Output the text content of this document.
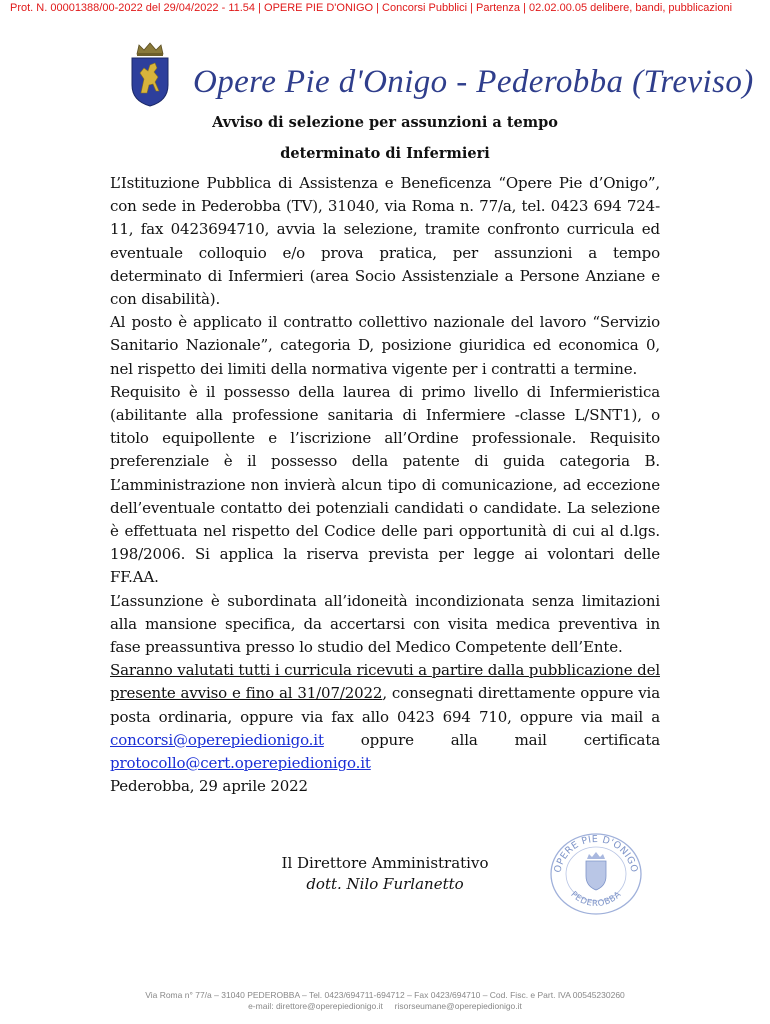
Prot. N. 00001388/00-2022 del 29/04/2022 - 11.54 | OPERE PIE D'ONIGO | Concorsi Pubblici | Partenza | 02.02.00.05 delibere, bandi, pubblicazioni
Opere Pie d'Onigo - Pederobba (Treviso)
Avviso di selezione per assunzioni a tempo
determinato di Infermieri

L’Istituzione Pubblica di Assistenza e Beneficenza “Opere Pie d’Onigo”, con sede in Pederobba (TV), 31040, via Roma n. 77/a, tel. 0423 694 724-11, fax 0423694710, avvia la selezione, tramite confronto curricula ed eventuale colloquio e/o prova pratica, per assunzioni a tempo determinato di Infermieri (area Socio Assistenziale a Persone Anziane e con disabilità).

Al posto è applicato il contratto collettivo nazionale del lavoro “Servizio Sanitario Nazionale”, categoria D, posizione giuridica ed economica 0, nel rispetto dei limiti della normativa vigente per i contratti a termine.

Requisito è il possesso della laurea di primo livello di Infermieristica (abilitante alla professione sanitaria di Infermiere -classe L/SNT1), o titolo equipollente e l’iscrizione all’Ordine professionale. Requisito preferenziale è il possesso della patente di guida categoria B. L’amministrazione non invierà alcun tipo di comunicazione, ad eccezione dell’eventuale contatto dei potenziali candidati o candidate. La selezione è effettuata nel rispetto del Codice delle pari opportunità di cui al d.lgs. 198/2006. Si applica la riserva prevista per legge ai volontari delle FF.AA.

L’assunzione è subordinata all’idoneità incondizionata senza limitazioni alla mansione specifica, da accertarsi con visita medica preventiva in fase preassuntiva presso lo studio del Medico Competente dell’Ente.

Saranno valutati tutti i curricula ricevuti a partire dalla pubblicazione del presente avviso e fino al 31/07/2022, consegnati direttamente oppure via posta ordinaria, oppure via fax allo 0423 694 710, oppure via mail a concorsi@operepiedionigo.it oppure alla mail certificata protocollo@cert.operepiedionigo.it

Pederobba, 29 aprile 2022

Il Direttore Amministrativo
dott. Nilo Furlanetto
OPERE PIE D'ONIGO
PEDEROBBA
Via Roma n° 77/a – 31040 PEDEROBBA – Tel. 0423/694711-694712 – Fax 0423/694710 – Cod. Fisc. e Part. IVA 00545230260
e-mail: direttore@operepiedionigo.it     risorseumane@operepiedionigo.it
